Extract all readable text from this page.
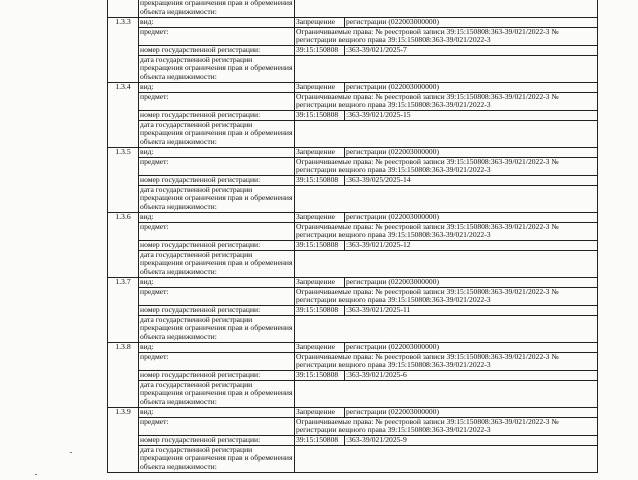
	прекращения ограничения прав и обременения объекта недвижимости:	
1.3.3	вид:	Запрещение	регистрации (022003000000)
	предмет:	Ограничиваемые права: № реестровой записи 39:15:150808:363-39/021/2022-3 №
регистрации вещного права 39:15:150808:363-39/021/2022-3	

	номер государственной регистрации:	39:15:150808	:363-39/021/2025-7
	дата государственной регистрации прекращения ограничения прав и обременения объекта недвижимости:		
1.3.4	вид:	Запрещение	регистрации (022003000000)
	предмет:	Ограничиваемые права: № реестровой записи 39:15:150808:363-39/021/2022-3 №
регистрации вещного права 39:15:150808:363-39/021/2022-3	

	номер государственной регистрации:	39:15:150808	:363-39/021/2025-15
	дата государственной регистрации прекращения ограничения прав и обременения объекта недвижимости:		
1.3.5	вид:	Запрещение	регистрации (022003000000)
	предмет:	Ограничиваемые права: № реестровой записи 39:15:150808:363-39/021/2022-3 №
регистрации вещного права 39:15:150808:363-39/021/2022-3	

	номер государственной регистрации:	39:15:150808	:363-39/025/2025-14
	дата государственной регистрации прекращения ограничения прав и обременения объекта недвижимости:		
1.3.6	вид:	Запрещение	регистрации (022003000000)
	предмет:	Ограничиваемые права: № реестровой записи 39:15:150808:363-39/021/2022-3 №
регистрации вещного права 39:15:150808:363-39/021/2022-3	

	номер государственной регистрации:	39:15:150808	:363-39/021/2025-12
	дата государственной регистрации прекращения ограничения прав и обременения объекта недвижимости:		
1.3.7	вид:	Запрещение	регистрации (022003000000)
	предмет:	Ограничиваемые права: № реестровой записи 39:15:150808:363-39/021/2022-3 №
регистрации вещного права 39:15:150808:363-39/021/2022-3	

	номер государственной регистрации:	39:15:150808	:363-39/021/2025-11
	дата государственной регистрации прекращения ограничения прав и обременения объекта недвижимости:		
1.3.8	вид:	Запрещение	регистрации (022003000000)
	предмет:	Ограничиваемые права: № реестровой записи 39:15:150808:363-39/021/2022-3 №
регистрации вещного права 39:15:150808:363-39/021/2022-3	

	номер государственной регистрации:	39:15:150808	:363-39/021/2025-6
	дата государственной регистрации прекращения ограничения прав и обременения объекта недвижимости:		
1.3.9	вид:	Запрещение	регистрации (022003000000)
	предмет:	Ограничиваемые права: № реестровой записи 39:15:150808:363-39/021/2022-3 №
регистрации вещного права 39:15:150808:363-39/021/2022-3	

	номер государственной регистрации:	39:15:150808	:363-39/021/2025-9
	дата государственной регистрации прекращения ограничения прав и обременения объекта недвижимости:		
